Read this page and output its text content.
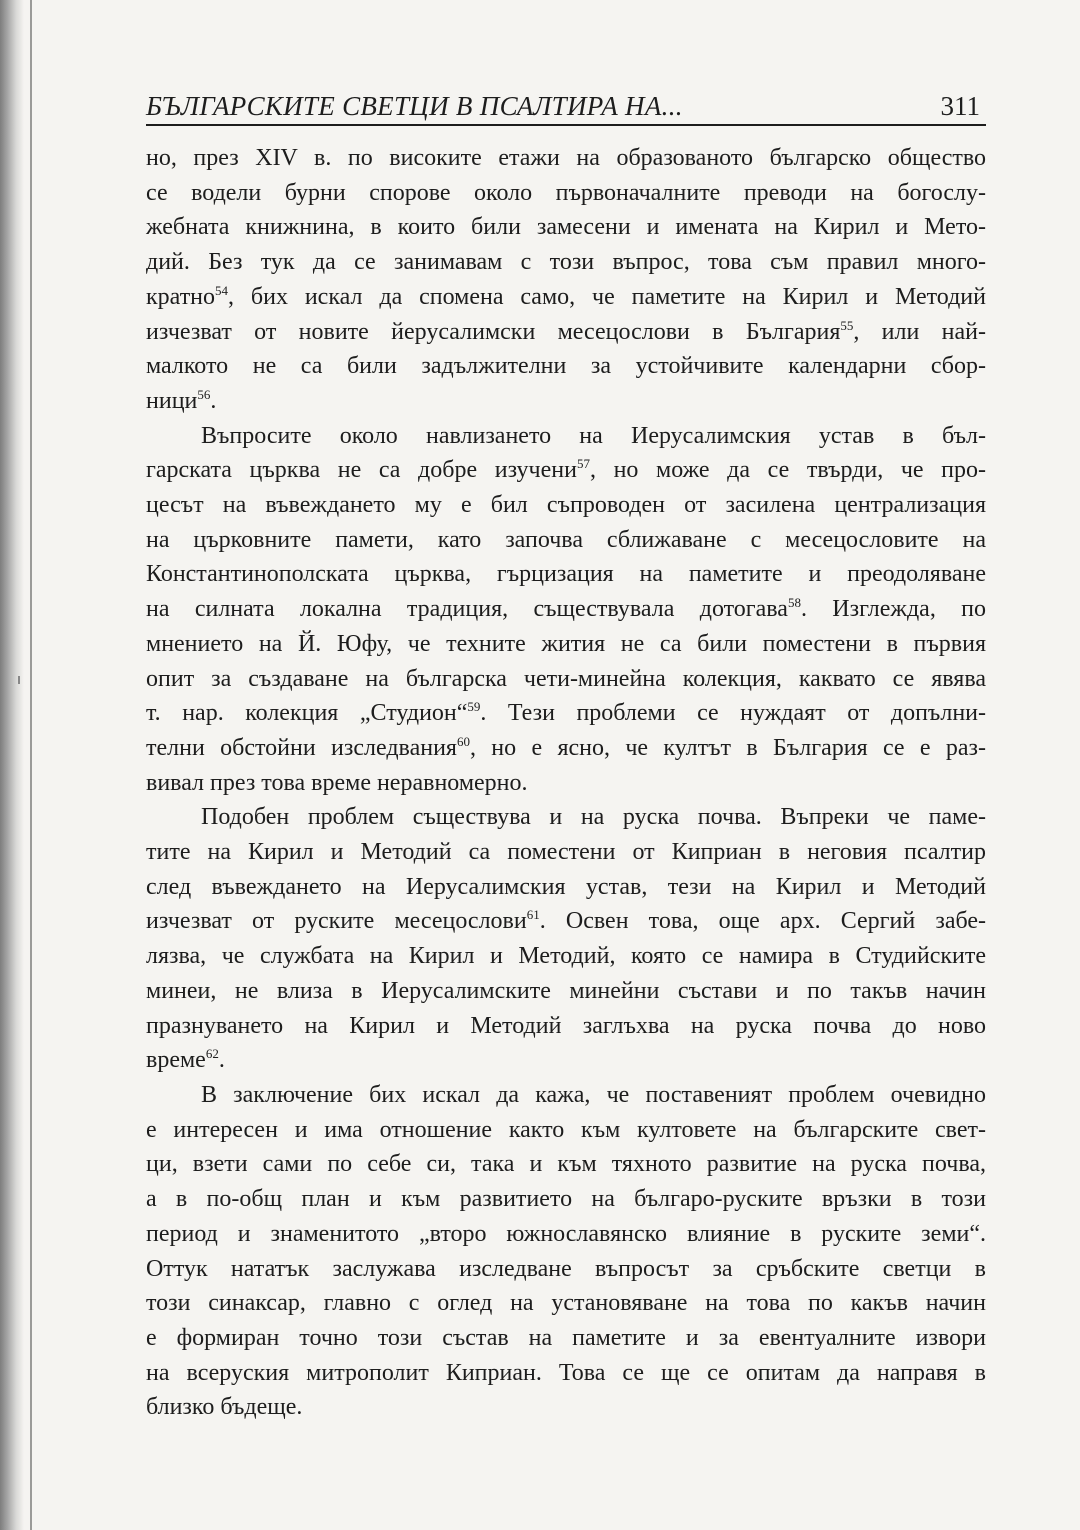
БЪЛГАРСКИТЕ СВЕТЦИ В ПСАЛТИРА НА...	311
но, през XIV в. по високите етажи на образованото българско общество
се водели бурни спорове около първоначалните преводи на богослу-
жебната книжнина, в които били замесени и имената на Кирил и Мето-
дий. Без тук да се занимавам с този въпрос, това съм правил много-
кратно$^{54}$, бих искал да спомена само, че паметите на Кирил и Методий
изчезват от новите йерусалимски месецослови в България$^{55}$, или най-
малкото не са били задължителни за устойчивите календарни сбор-
ници$^{56}$.
Въпросите около навлизането на Иерусалимския устав в бъл-
гарската църква не са добре изучени$^{57}$, но може да се твърди, че про-
цесът на въвеждането му е бил съпроводен от засилена централизация
на църковните памети, като започва сближаване с месецословите на
Константинополската църква, гърцизация на паметите и преодоляване
на силната локална традиция, съществувала дотогава$^{58}$. Изглежда, по
мнението на Й. Юфу, че техните жития не са били поместени в първия
опит за създаване на българска чети-минейна колекция, каквато се явява
т. нар. колекция „Студион“$^{59}$. Тези проблеми се нуждаят от допълни-
телни обстойни изследвания$^{60}$, но е ясно, че култът в България се е раз-
вивал през това време неравномерно.
Подобен проблем съществува и на руска почва. Въпреки че паме-
тите на Кирил и Методий са поместени от Киприан в неговия псалтир
след въвеждането на Иерусалимския устав, тези на Кирил и Методий
изчезват от руските месецослови$^{61}$. Освен това, още арх. Сергий забе-
лязва, че службата на Кирил и Методий, която се намира в Студийските
минеи, не влиза в Иерусалимските минейни състави и по такъв начин
празнуването на Кирил и Методий заглъхва на руска почва до ново
време$^{62}$.
В заключение бих искал да кажа, че поставеният проблем очевидно
е интересен и има отношение както към култовете на българските свет-
ци, взети сами по себе си, така и към тяхното развитие на руска почва,
а в по-общ план и към развитието на българо-руските връзки в този
период и знаменитото „второ южнославянско влияние в руските земи“.
Оттук нататък заслужава изследване въпросът за сръбските светци в
този синаксар, главно с оглед на установяване на това по какъв начин
е формиран точно този състав на паметите и за евентуалните извори
на всеруския митрополит Киприан. Това се ще се опитам да направя в
близко бъдеще.
